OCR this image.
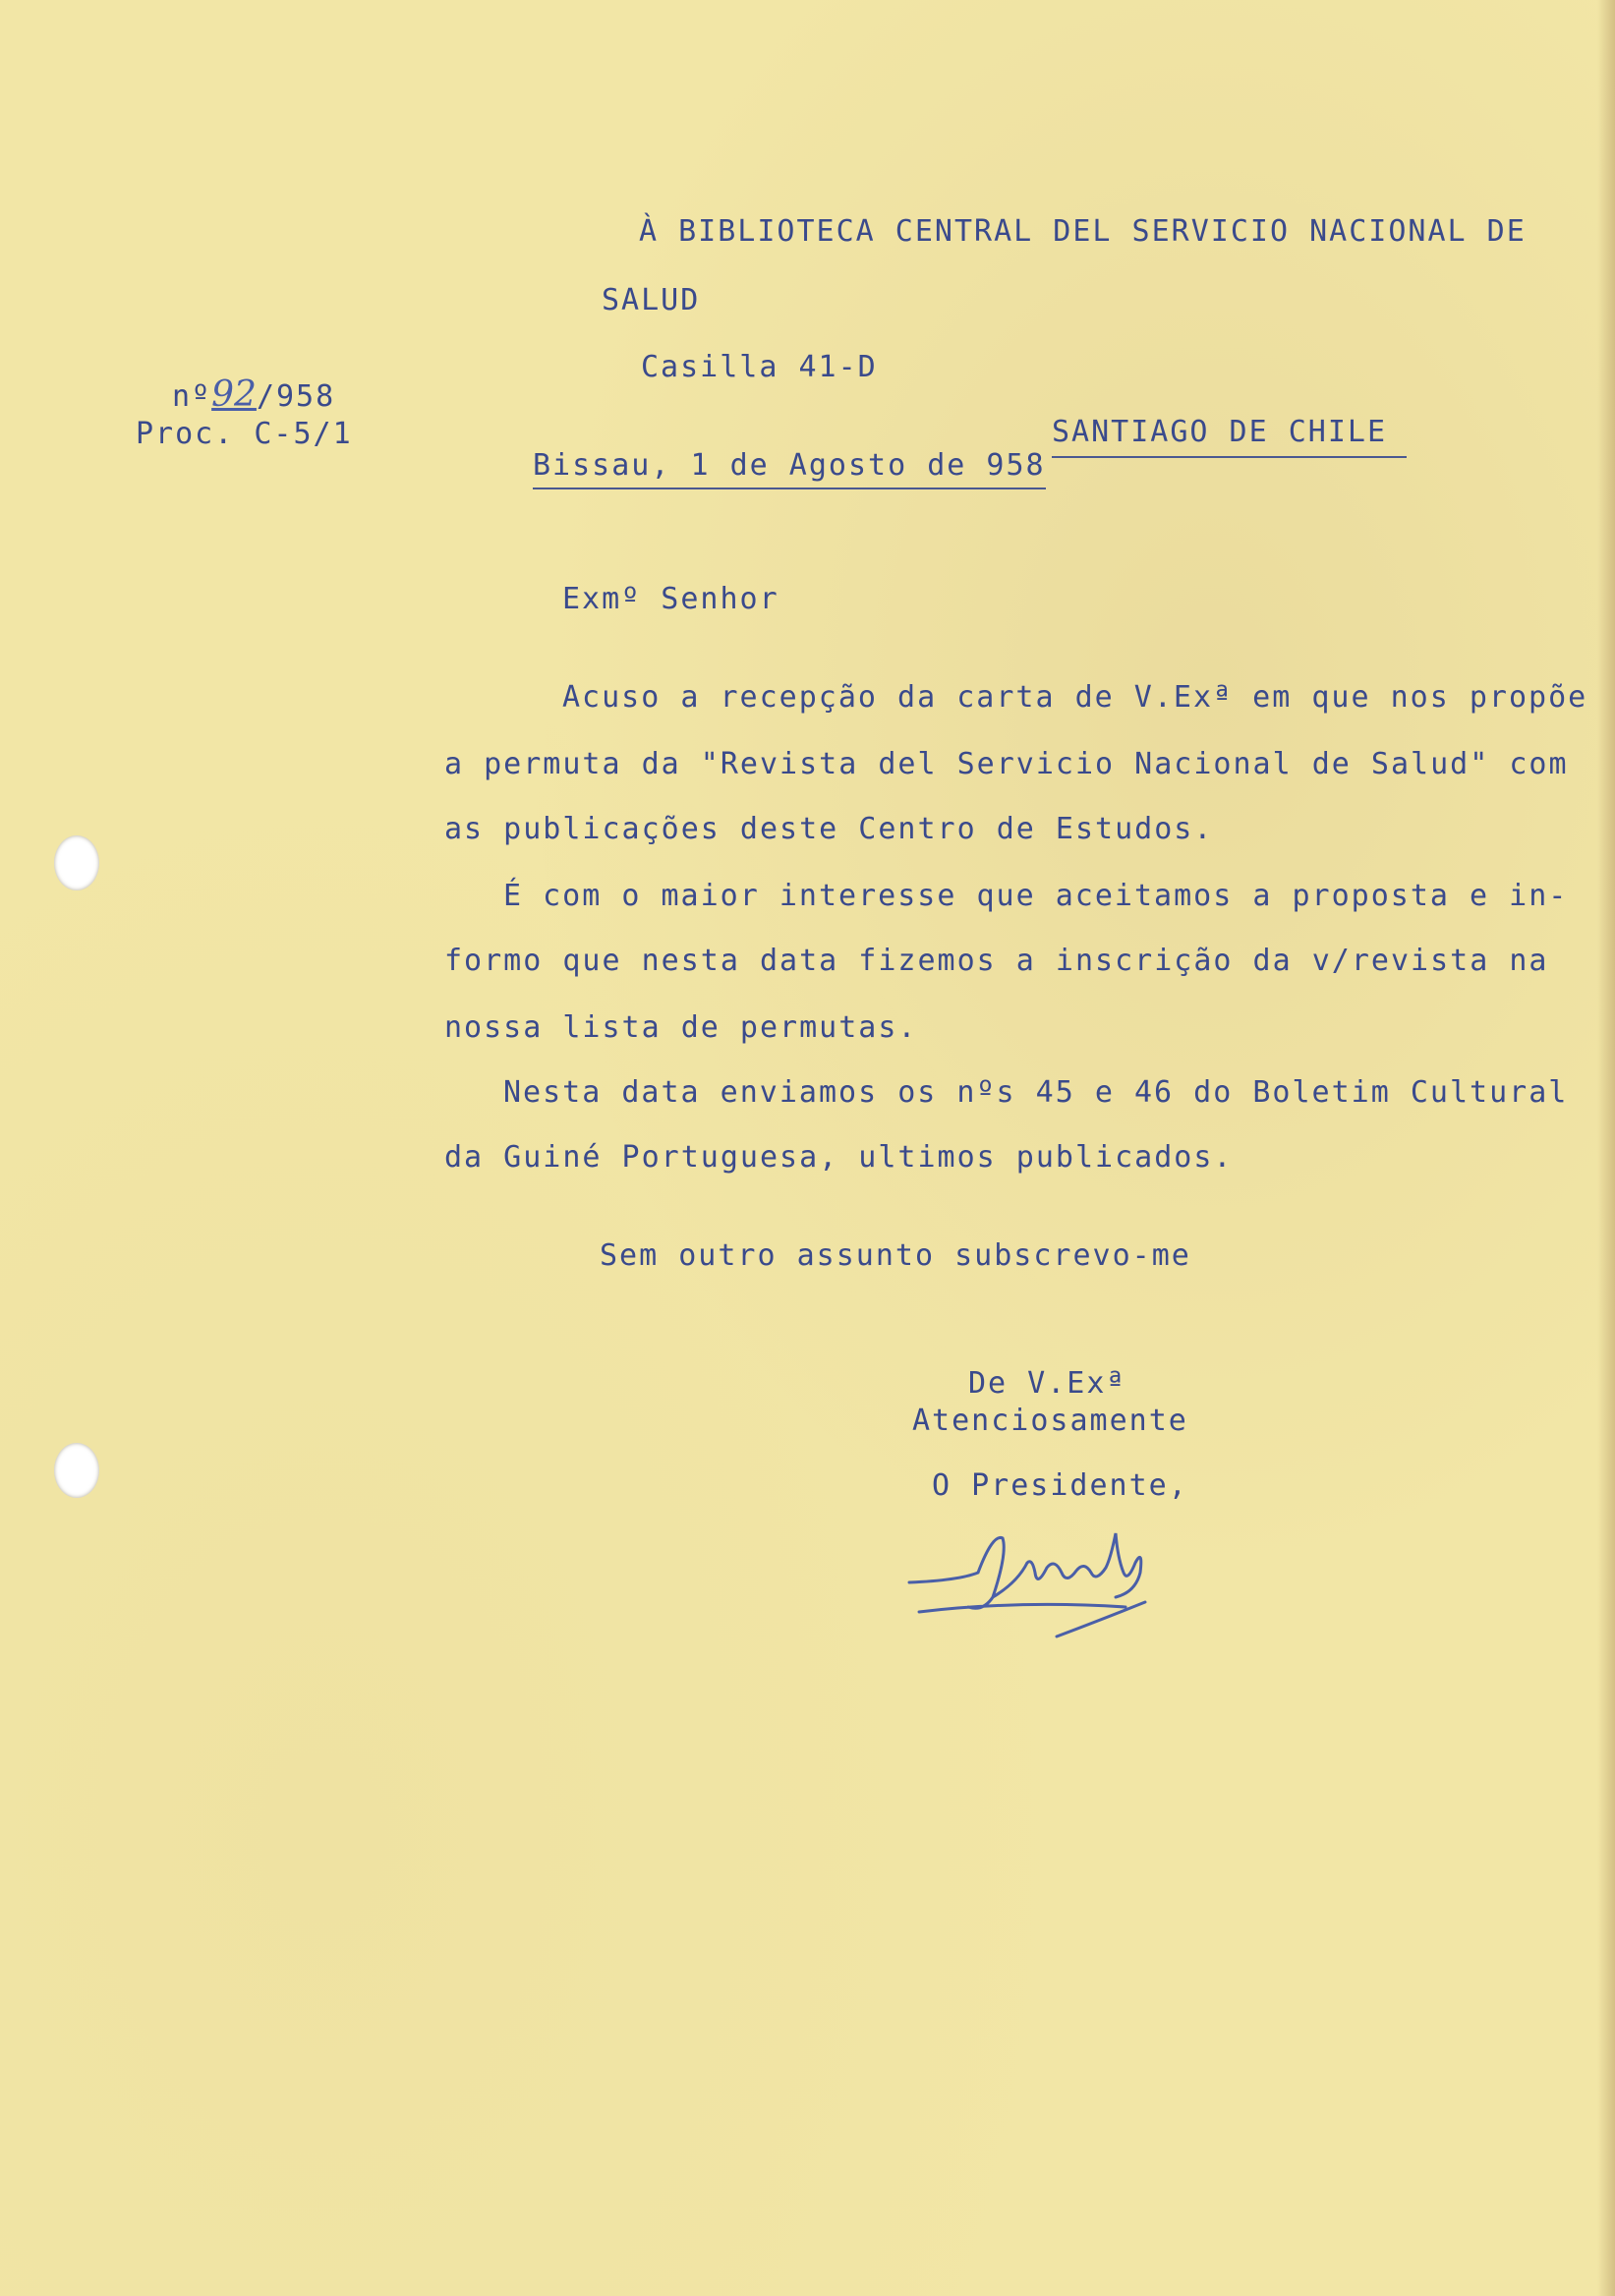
nº92/958
Proc. C-5/1
À BIBLIOTECA CENTRAL DEL SERVICIO NACIONAL DE
SALUD
Casilla 41-D
SANTIAGO DE CHILE
Bissau, 1 de Agosto de 958
Exmº Senhor
Acuso a recepção da carta de V.Exª em que nos propõe
a permuta da "Revista del Servicio Nacional de Salud" com
as publicações deste Centro de Estudos.
É com o maior interesse que aceitamos a proposta e in-
formo que nesta data fizemos a inscrição da v/revista na
nossa lista de permutas.
Nesta data enviamos os nºs 45 e 46 do Boletim Cultural
da Guiné Portuguesa, ultimos publicados.
Sem outro assunto subscrevo-me
De V.Exª
Atenciosamente
O Presidente,
